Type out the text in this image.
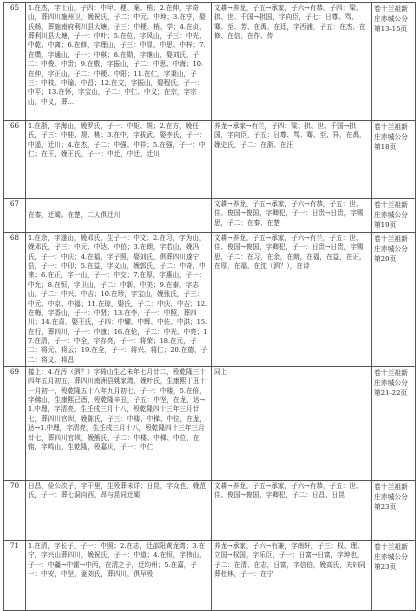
65	1.在杰，字士山，子四：中甲、梗、案、梢；2.在伸，字奇山，葬四川施州卫，娩祝氏，子二：中元、中坤；3.在亨，娶氏杨，葬施南府利川县大塘，子三：中梗、梢、学；4.在贞，葬利川县大塘，子一：中叶；5.在位，字风山，子三：中光、中乾、中离；6.在修，字理山，子三：中显、中思、中梓；7.在缵，字通山，子一：中棋；8.在勋，字继山，娶刘氏，子二：中俊、中贵；9.在敬，字振山，子二：中思、中海；10.在仲，字正山，子二：中梗、中阳；11.在仁，字秉山，子三：中枝、中瑜、中昌；12.在文，字振山，娶程氏，子一：中平；13.在怀，字宝山，子二：中仁、中义；在宗，字宗山，中义，葬…	文耕→养龙，子五→承家，子六→有恭、子四：梁、拱、世、千国→拱国，字向臣，子七：日尊、骂、骞、至、芳、在禹、在廷，字西浦，子五：在杰、在修、在信、在作、传	卷十兰祖新庄赤城公分第13-15页
66	1.在浙，字海山，娩罗氏，子一：中矩、规；2.在方，娩任氏，子三：中桂、规、桃；3.在中，字拔武，娶李氏，子一：中遥，迁川；4.在杰，子二：中强、中祥；5.在强，子一：中仁；在王，娩王氏，子一：中迁，中迁，迁川	养龙→承家→有兰，子四：梁、拱、世、千国→拱国，字向臣，子五：日尊、骂、骞、至、异，在禹，娩史氏，子二：在浙、在汪	卷十兰祖新庄赤城公分第18页
67	在秦，迁蜀。在楚，二人俱迁川	文耕→养龙，子五→承家，子六→有恭，子五：世、住、俊国→俊国，字卿犯，子一：日贵→日贵，字赐思，子二：在秦、在楚	卷十兰祖新庄赤城公分第19页
68	1.在余，字遂山，娩邓氏，生子一：中文；2.在习，字为山，娩邓氏，子三：中元、中达、中伯；3.在朗，字若山，娩冯氏，子一：中庆；4.在福，字子照，娶刘氏，俱葬四川遂宁县，子一：中印；5.在益，字义山，娩郭氏，子二：中奇，中来；6.在正，字一山，子一：中交；7.在厚，字惠山，子一：中允；8.在恒，字卫山，子二：中新、中美；9.在泰，字志山，子二：中兴、中吉；10.在珍，字宝山，娩张氏，子三：中元、中京、中福；11.在琼，娶氏，子二：中庆、中吉；12.在梅，字香山，子一：中贤；13.在李，子一：中照，葬四川；14.在喜，娶王氏，子四：中耀、中辉、中佐、中洪；15.在行，葬四川，子一：中康；16.在伦，子二：中光、中亮；17.在清，子一：中全，宇存亮，子一：将荣；18.在元，子二：将元、将云；19.在全，子一：将兴、将仁；20.在德，子二：将义、将昌	文耕→养龙，子五→承家，子六→有兰，子五：世、住、俊国→俊国，字卿犯，子一：日贵→日贵，字赐思，子二：在习，在余，在朗，在福，在益，在正，在厚，在福，在沈（泗？），在诗	卷十兰祖新庄赤城公分第20页
69	接上：4.在汚（泗？）字倚山生乙未年七月廿二，殁乾隆三十四年五月初五，葬四川南洲县姚家湾，娩叶氏，生康熙丁丑十一月初一，殁乾隆五十八年九月初七，子一：中楼，5.在倍，字佛山，生康熙己酉，殁乾隆辛丑，子五：中坚，在龙，达→1.中理，字清亮，生壬戌三月十八，殁乾隆四十三年三月廿七，葬四川官坝，娩陈氏，子三：中楼、中梯、中位，在龙，达→1.中理，字清亮，生壬戌三月十八，殁乾隆四十三年三月廿七，葬四川官坝，娩熊氏，子二：中楼、中梯、中位，在铭，字鸣山，生乾隆，殁嘉庆，子一：中仁	同上	卷十兰祖新庄赤城公分第21-22页
70	日昌，俭公次子，字干里，生殁葬未详；日昆，字众也，娩范氏，子一：葬七洞向西，昂与昆同迁蜀	文耕→养龙，子五→承家，子六→有恭，子五：世、住、俊国→俊国，字卿犯，子二：日昌、日昆	卷十兰祖新庄赤城公分第23页
71	1.在清，字长子，子一：中照；2.在志，迁邵阳黄龙湾；3.在宁，字兴山葬四川，娩祝氏，子一：中道；4.在恒，字伟山，子一：中疆→中霍→中丙，在清之子，迁均州；5.在嘉，子一：中安，中坚，妻刘氏，葬四川，俱早殁	养龙→承家，子六→有兼，字南轩，子三：权、理、立国→权国，字乐臣，子一：日富→日富，字坤也，子二：在清、在志，日富，字信伯，娩高氏，夫妇同葬杜林，子一：在宁	卷十兰祖新庄赤城公分第23页
